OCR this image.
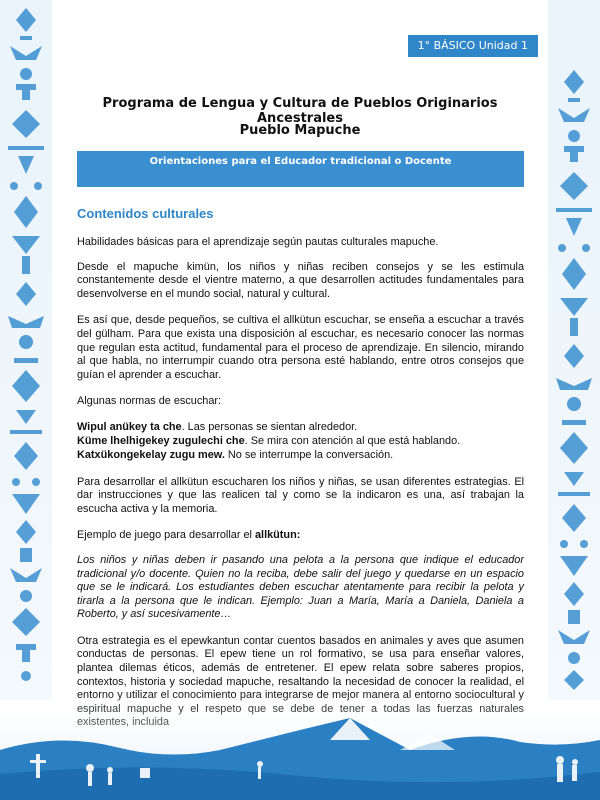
1° BÁSICO Unidad 1
Programa de Lengua y Cultura de Pueblos Originarios Ancestrales
Pueblo Mapuche
Orientaciones para el Educador tradicional o Docente
Contenidos culturales

Habilidades básicas para el aprendizaje según pautas culturales mapuche.

Desde el mapuche kimün, los niños y niñas reciben consejos y se les estimula constantemente desde el vientre materno, a que desarrollen actitudes fundamentales para desenvolverse en el mundo social, natural y cultural.

Es así que, desde pequeños, se cultiva el allkütun escuchar, se enseña a escuchar a través del gülham. Para que exista una disposición al escuchar, es necesario conocer las normas que regulan esta actitud, fundamental para el proceso de aprendizaje. En silencio, mirando al que habla, no interrumpir cuando otra persona esté hablando, entre otros consejos que guían el aprender a escuchar.

Algunas normas de escuchar:

Wipul anükey ta che. Las personas se sientan alrededor.
Küme lhelhigekey zugulechi che. Se mira con atención al que está hablando.
Katxükongekelay zugu mew. No se interrumpe la conversación.

Para desarrollar el allkütun escucharen los niños y niñas, se usan diferentes estrategias. El dar instrucciones y que las realicen tal y como se la indicaron es una, así trabajan la escucha activa y la memoria.

Ejemplo de juego para desarrollar el allkütun:

Los niños y niñas deben ir pasando una pelota a la persona que indique el educador tradicional y/o docente. Quien no la reciba, debe salir del juego y quedarse en un espacio que se le indicará. Los estudiantes deben escuchar atentamente para recibir la pelota y tirarla a la persona que le indican. Ejemplo: Juan a María, María a Daniela, Daniela a Roberto, y así sucesivamente…

Otra estrategia es el epewkantun contar cuentos basados en animales y aves que asumen conductas de personas. El epew tiene un rol formativo, se usa para enseñar valores, plantea dilemas éticos, además de entretener. El epew relata sobre saberes propios, contextos, historia y sociedad mapuche, resaltando la necesidad de conocer la realidad, el
